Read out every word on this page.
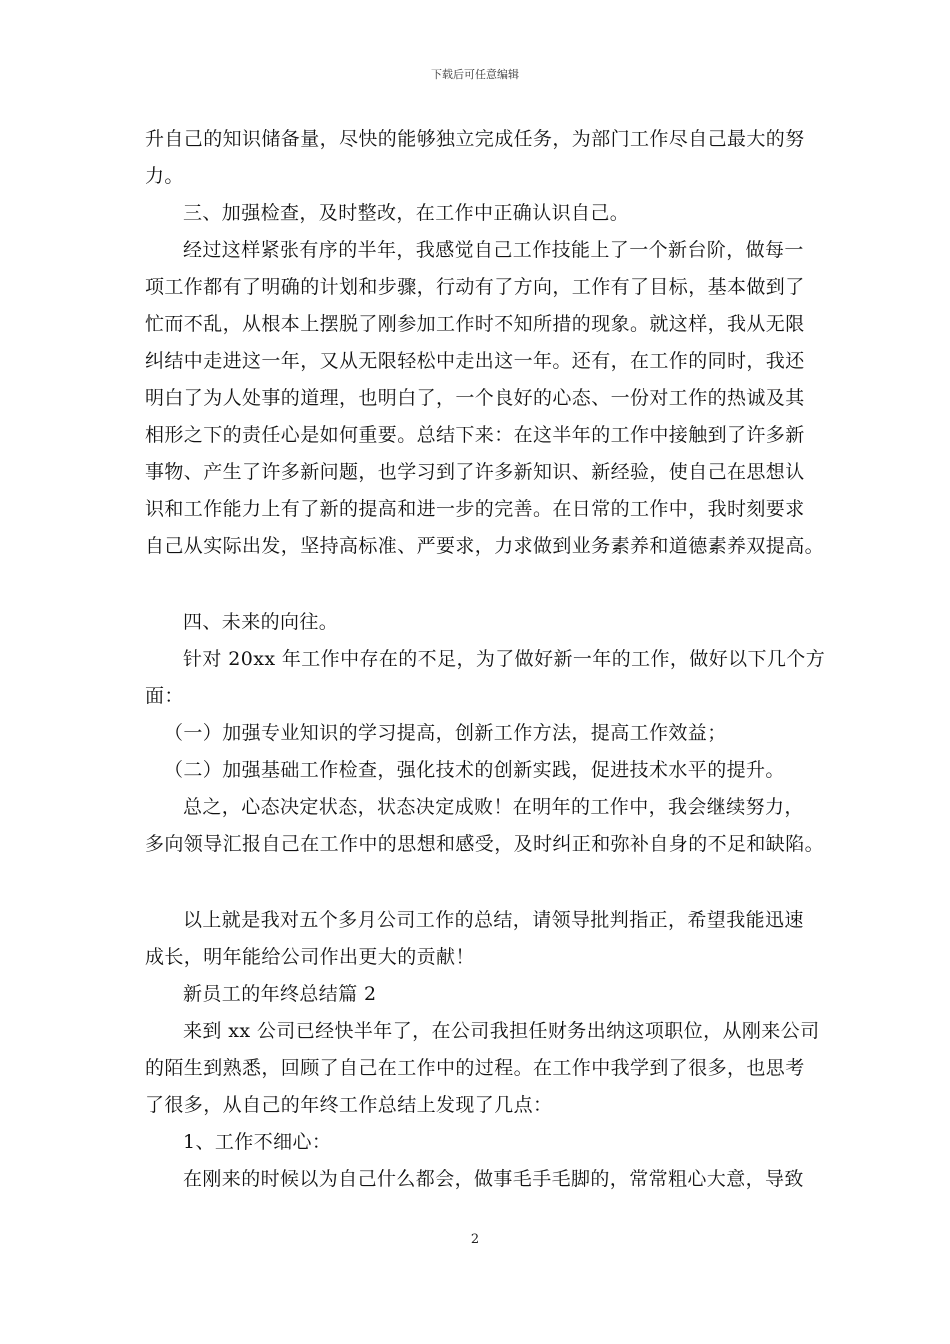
下载后可任意编辑
升自己的知识储备量，尽快的能够独立完成任务，为部门工作尽自己最大的努
力。
三、加强检查，及时整改，在工作中正确认识自己。
经过这样紧张有序的半年，我感觉自己工作技能上了一个新台阶，做每一
项工作都有了明确的计划和步骤，行动有了方向，工作有了目标，基本做到了
忙而不乱，从根本上摆脱了刚参加工作时不知所措的现象。就这样，我从无限
纠结中走进这一年，又从无限轻松中走出这一年。还有，在工作的同时，我还
明白了为人处事的道理，也明白了，一个良好的心态、一份对工作的热诚及其
相形之下的责任心是如何重要。总结下来：在这半年的工作中接触到了许多新
事物、产生了许多新问题，也学习到了许多新知识、新经验，使自己在思想认
识和工作能力上有了新的提高和进一步的完善。在日常的工作中，我时刻要求
自己从实际出发，坚持高标准、严要求，力求做到业务素养和道德素养双提高。
四、未来的向往。
针对 20xx 年工作中存在的不足，为了做好新一年的工作，做好以下几个方
面：
（一）加强专业知识的学习提高，创新工作方法，提高工作效益；
（二）加强基础工作检查，强化技术的创新实践，促进技术水平的提升。
总之，心态决定状态，状态决定成败！在明年的工作中，我会继续努力，
多向领导汇报自己在工作中的思想和感受，及时纠正和弥补自身的不足和缺陷。
以上就是我对五个多月公司工作的总结，请领导批判指正，希望我能迅速
成长，明年能给公司作出更大的贡献！
新员工的年终总结篇 2
来到 xx 公司已经快半年了，在公司我担任财务出纳这项职位，从刚来公司
的陌生到熟悉，回顾了自己在工作中的过程。在工作中我学到了很多，也思考
了很多，从自己的年终工作总结上发现了几点：
1、工作不细心：
在刚来的时候以为自己什么都会，做事毛手毛脚的，常常粗心大意，导致
2
